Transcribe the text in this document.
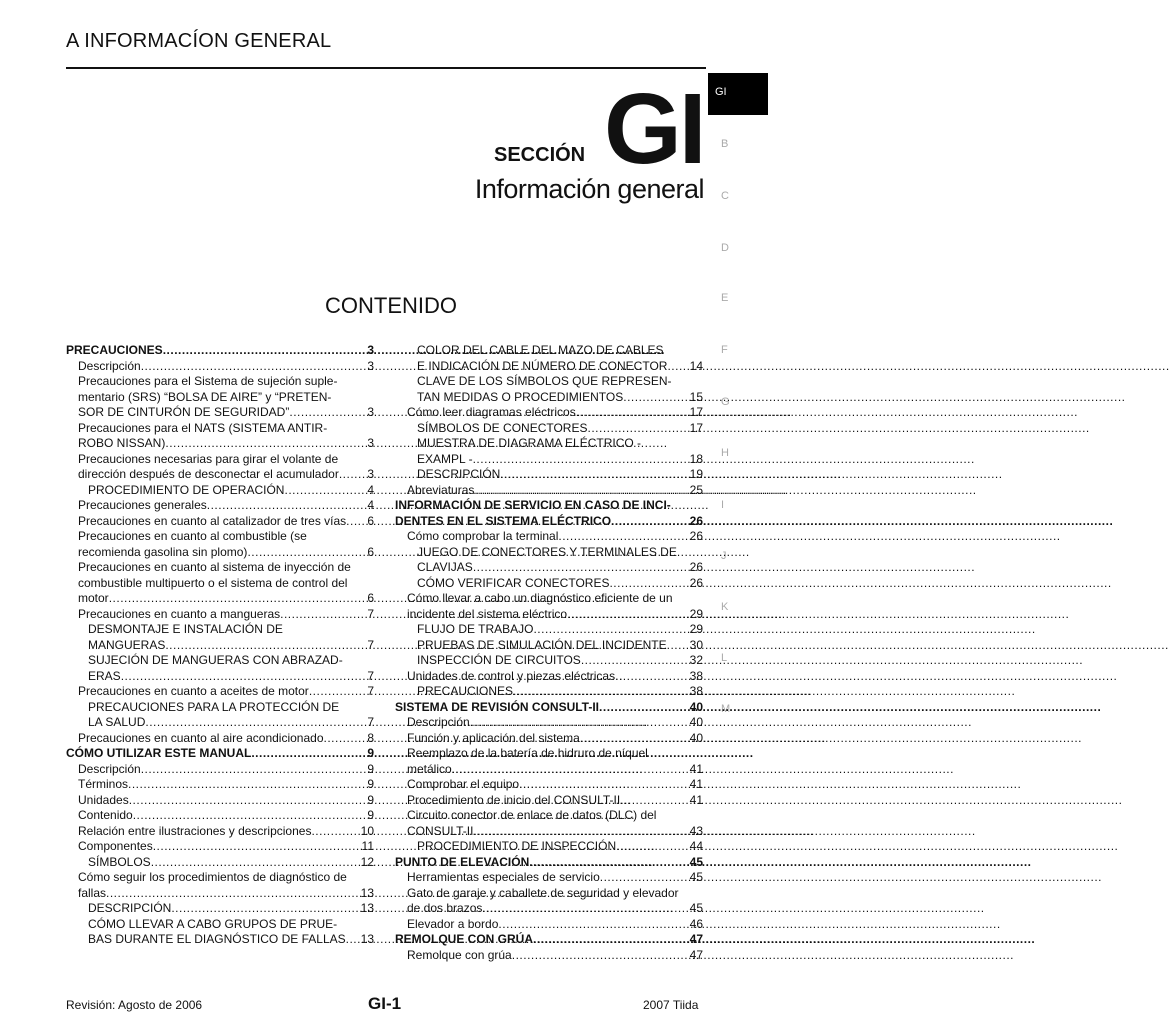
A INFORMACÍON GENERAL
GI
B
C
D
E
F
G
H
I
J
K
L
M
SECCIÓN GI
Información general
CONTENIDO
PRECAUCIONES .....	3
Descripción .....	3
Precauciones para el Sistema de sujeción suple-
mentario (SRS) “BOLSA DE AIRE” y “PRETEN-
SOR DE CINTURÓN DE SEGURIDAD” .....	3
Precauciones para el NATS (SISTEMA ANTIR-
ROBO NISSAN) .....	3
Precauciones necesarias para girar el volante de
dirección después de desconectar el acumulador ..... 3
PROCEDIMIENTO DE OPERACIÓN .....	4
Precauciones generales .....	4
Precauciones en cuanto al catalizador de tres vías ..... 6
Precauciones en cuanto al combustible (se
recomienda gasolina sin plomo) .....	6
Precauciones en cuanto al sistema de inyección de
combustible multipuerto o el sistema de control del
motor .....	6
Precauciones en cuanto a mangueras .....	7
DESMONTAJE E INSTALACIÓN DE
MANGUERAS .....	7
SUJECIÓN DE MANGUERAS CON ABRAZAD-
ERAS .....	7
Precauciones en cuanto a aceites de motor .....	7
PRECAUCIONES PARA LA PROTECCIÓN DE
LA SALUD .....	7
Precauciones en cuanto al aire acondicionado .....	8
CÓMO UTILIZAR ESTE MANUAL .....	9
Descripción .....	9
Términos .....	9
Unidades .....	9
Contenido .....	9
Relación entre ilustraciones y descripciones .....	10
Componentes .....	11
SÍMBOLOS .....	12
Cómo seguir los procedimientos de diagnóstico de
fallas .....	13
DESCRIPCIÓN .....	13
CÓMO LLEVAR A CABO GRUPOS DE PRUE-
BAS DURANTE EL DIAGNÓSTICO DE FALLAS ..... 13
COLOR DEL CABLE DEL MAZO DE CABLES
E INDICACIÓN DE NÚMERO DE CONECTOR ..... 14
CLAVE DE LOS SÍMBOLOS QUE REPRESEN-
TAN MEDIDAS O PROCEDIMIENTOS .....	15
Cómo leer diagramas eléctricos .....	17
SÍMBOLOS DE CONECTORES .....	17
MUESTRA DE DIAGRAMA ELÉCTRICO -
EXAMPL - .....	18
DESCRIPCIÓN .....	19
Abreviaturas .....	25
INFORMACIÓN DE SERVICIO EN CASO DE INCI-
DENTES EN EL SISTEMA ELÉCTRICO .....	26
Cómo comprobar la terminal .....	26
JUEGO DE CONECTORES Y TERMINALES DE
CLAVIJAS .....	26
CÓMO VERIFICAR CONECTORES .....	26
Cómo llevar a cabo un diagnóstico eficiente de un
incidente del sistema eléctrico .....	29
FLUJO DE TRABAJO .....	29
PRUEBAS DE SIMULACIÓN DEL INCIDENTE ..... 30
INSPECCIÓN DE CIRCUITOS .....	32
Unidades de control y piezas eléctricas .....	38
PRECAUCIONES .....	38
SISTEMA DE REVISIÓN CONSULT-II .....	40
Descripción .....	40
Función y aplicación del sistema .....	40
Reemplazo de la batería de hidruro de níquel
metálico .....	41
Comprobar el equipo .....	41
Procedimiento de inicio del CONSULT-II .....	41
Circuito conector de enlace de datos (DLC) del
CONSULT-II .....	43
PROCEDIMIENTO DE INSPECCIÓN .....	44
PUNTO DE ELEVACIÓN .....	45
Herramientas especiales de servicio .....	45
Gato de garaje y caballete de seguridad y elevador
de dos brazos .....	45
Elevador a bordo .....	46
REMOLQUE CON GRÚA .....	47
Remolque con grúa .....	47
Revisión: Agosto de 2006	GI-1	2007 Tiida
